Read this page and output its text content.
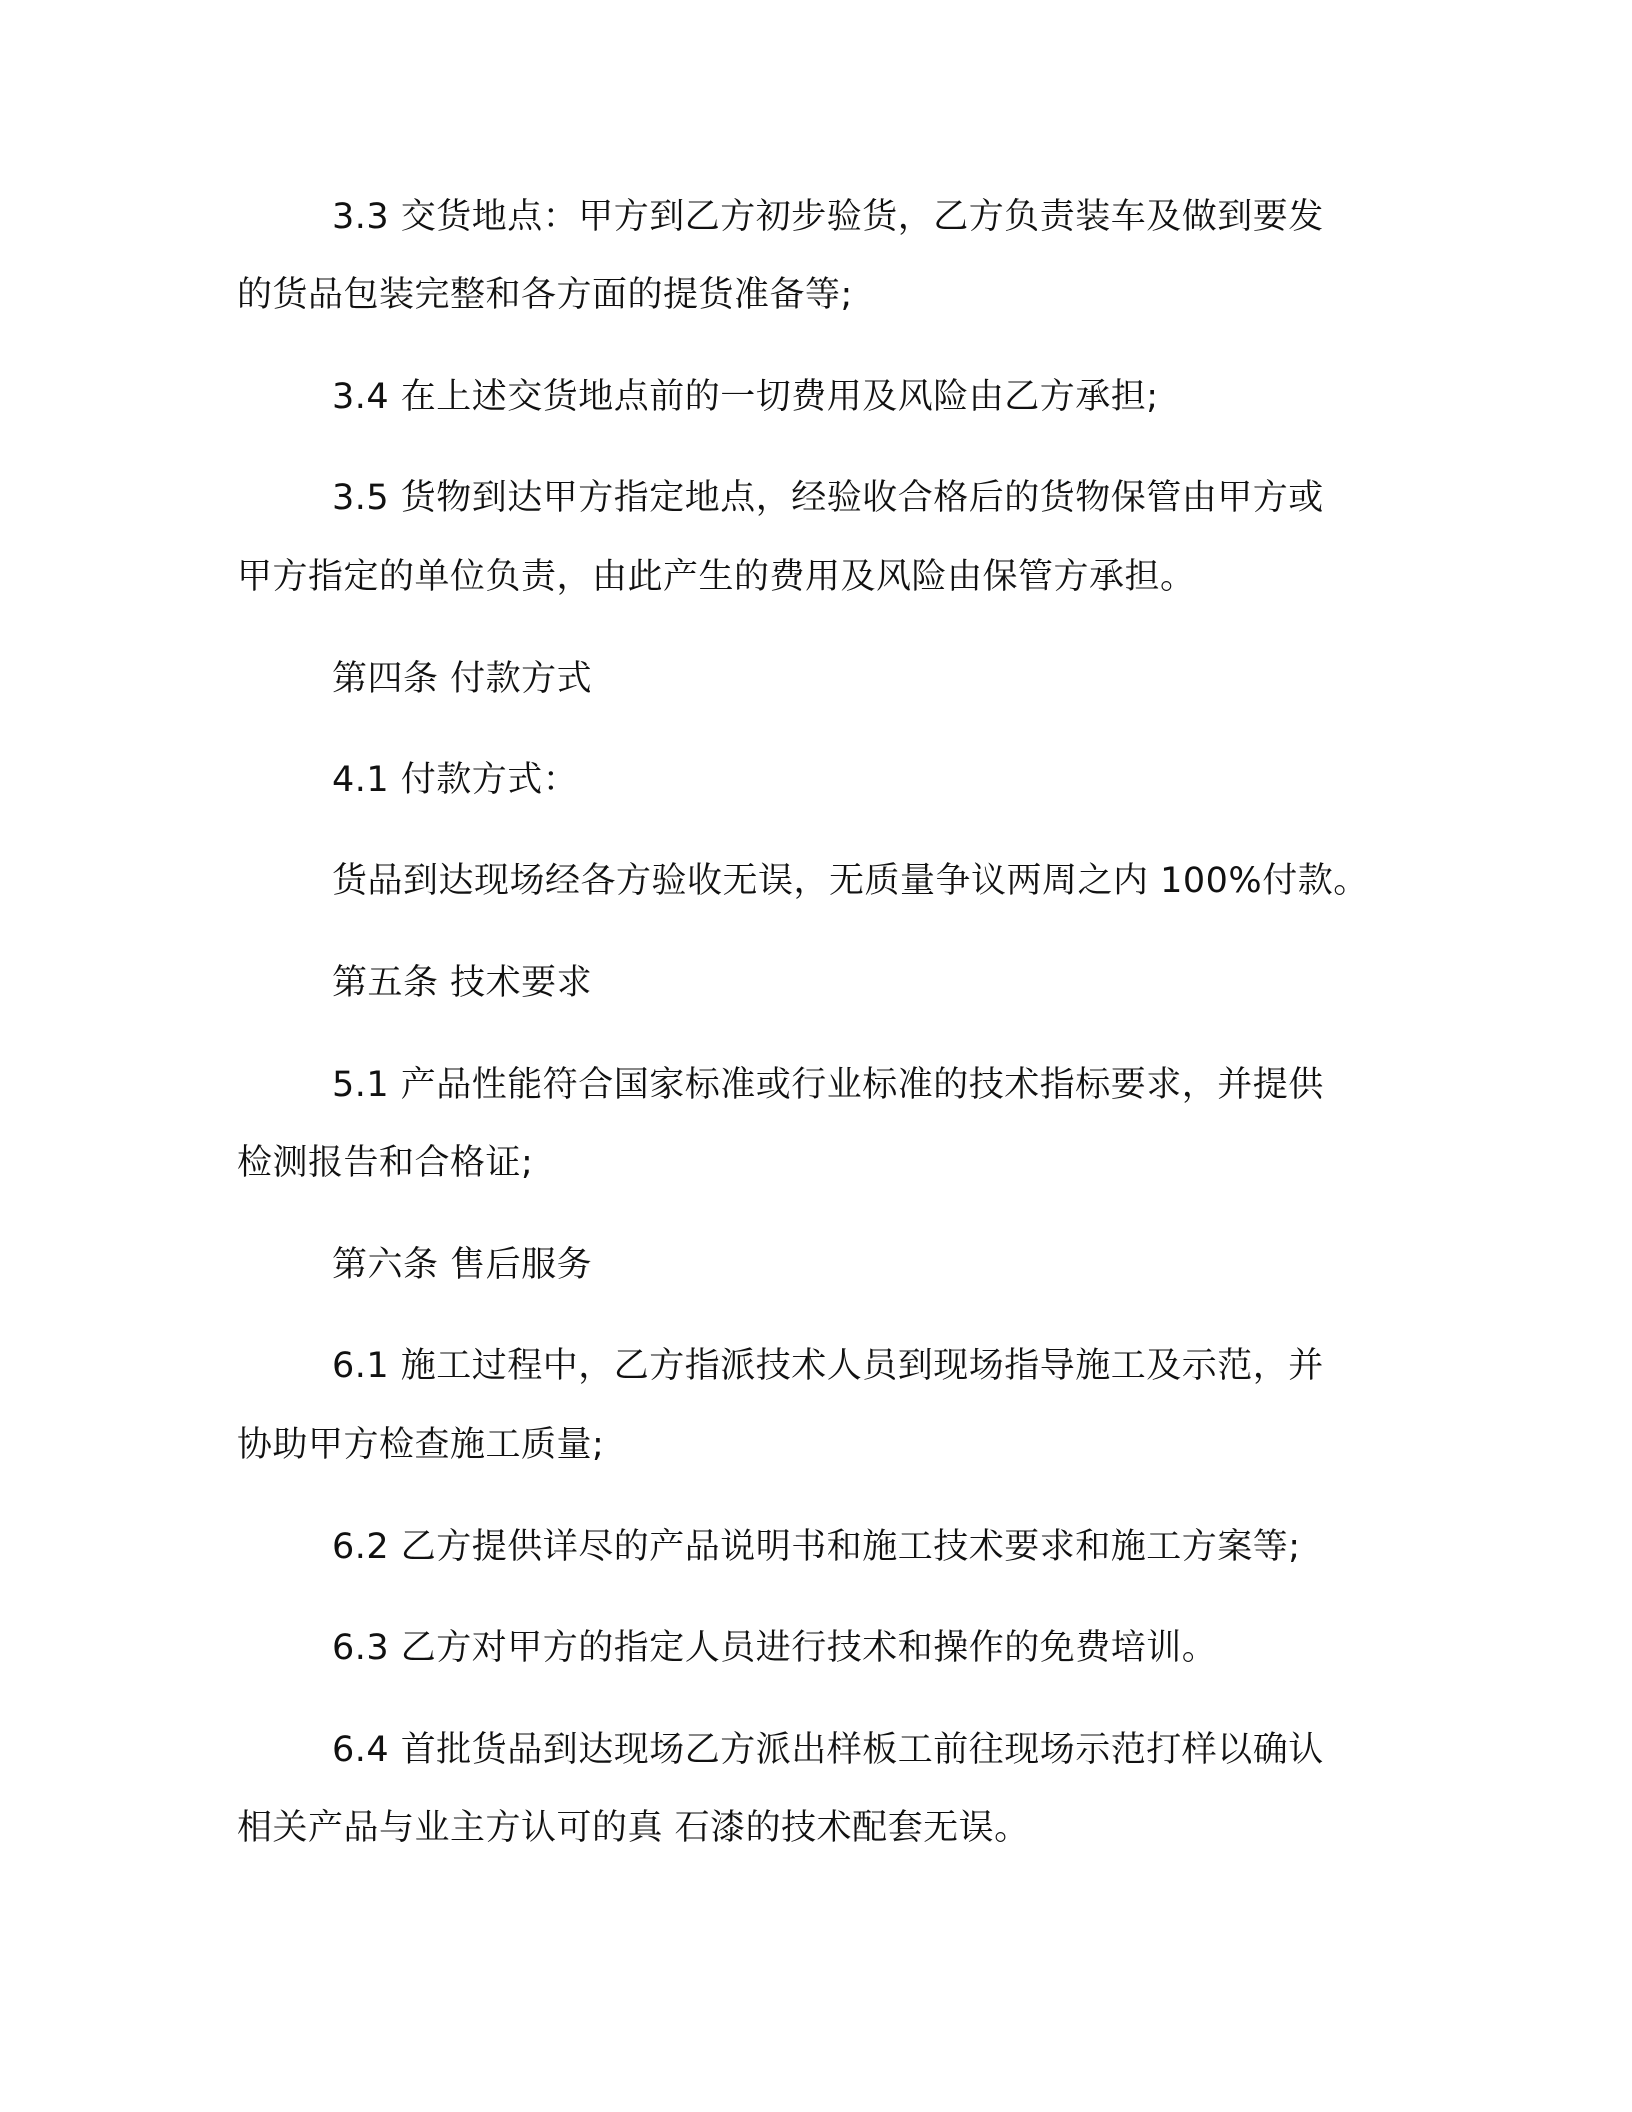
3.3 交货地点：甲方到乙方初步验货，乙方负责装车及做到要发

的货品包装完整和各方面的提货准备等;

3.4 在上述交货地点前的一切费用及风险由乙方承担;

3.5 货物到达甲方指定地点，经验收合格后的货物保管由甲方或

甲方指定的单位负责，由此产生的费用及风险由保管方承担。

第四条 付款方式

4.1 付款方式：

货品到达现场经各方验收无误，无质量争议两周之内 100%付款。

第五条 技术要求

5.1 产品性能符合国家标准或行业标准的技术指标要求，并提供

检测报告和合格证;

第六条 售后服务

6.1 施工过程中，乙方指派技术人员到现场指导施工及示范，并

协助甲方检查施工质量;

6.2 乙方提供详尽的产品说明书和施工技术要求和施工方案等;

6.3 乙方对甲方的指定人员进行技术和操作的免费培训。

6.4 首批货品到达现场乙方派出样板工前往现场示范打样以确认

相关产品与业主方认可的真 石漆的技术配套无误。
